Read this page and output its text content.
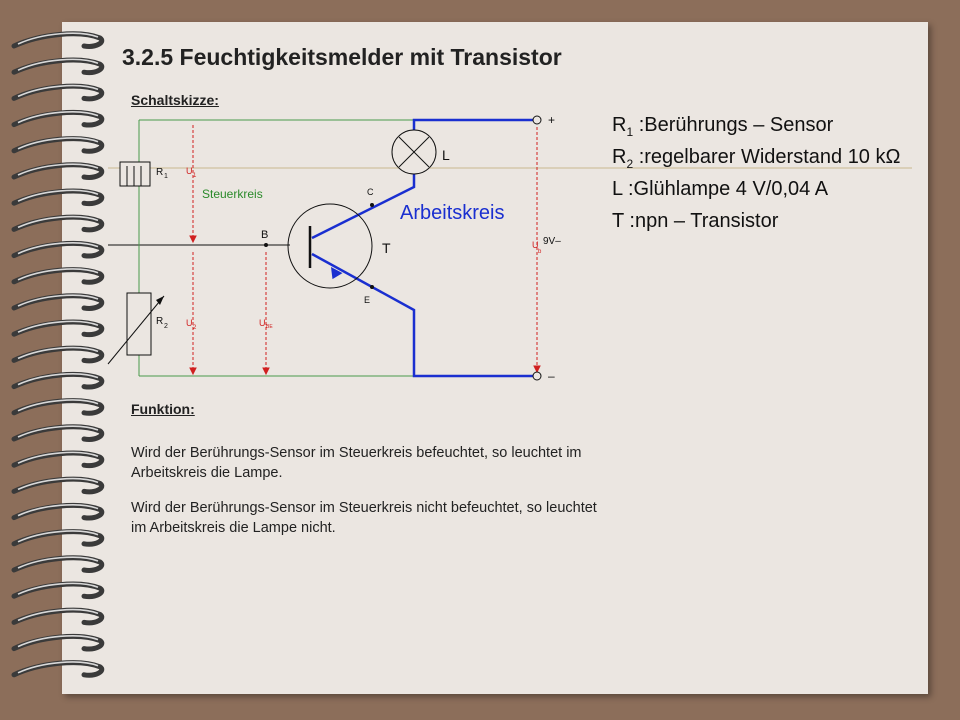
3.2.5 Feuchtigkeitsmelder mit Transistor
Schaltskizze:
R 1
R 2
U 1
U 2	U BE
U
b
9V–
Steuerkreis
Arbeitskreis
L
T
C
B
E
+
–
$R_1$ :Berührungs – Sensor
$R_2$ :regelbarer Widerstand 10 kΩ
L :Glühlampe 4 V/0,04 A
T :npn – Transistor
Funktion:
Wird der Berührungs-Sensor im Steuerkreis befeuchtet, so leuchtet im Arbeitskreis die Lampe.
Wird der Berührungs-Sensor im Steuerkreis nicht befeuchtet, so leuchtet im Arbeitskreis die Lampe nicht.
